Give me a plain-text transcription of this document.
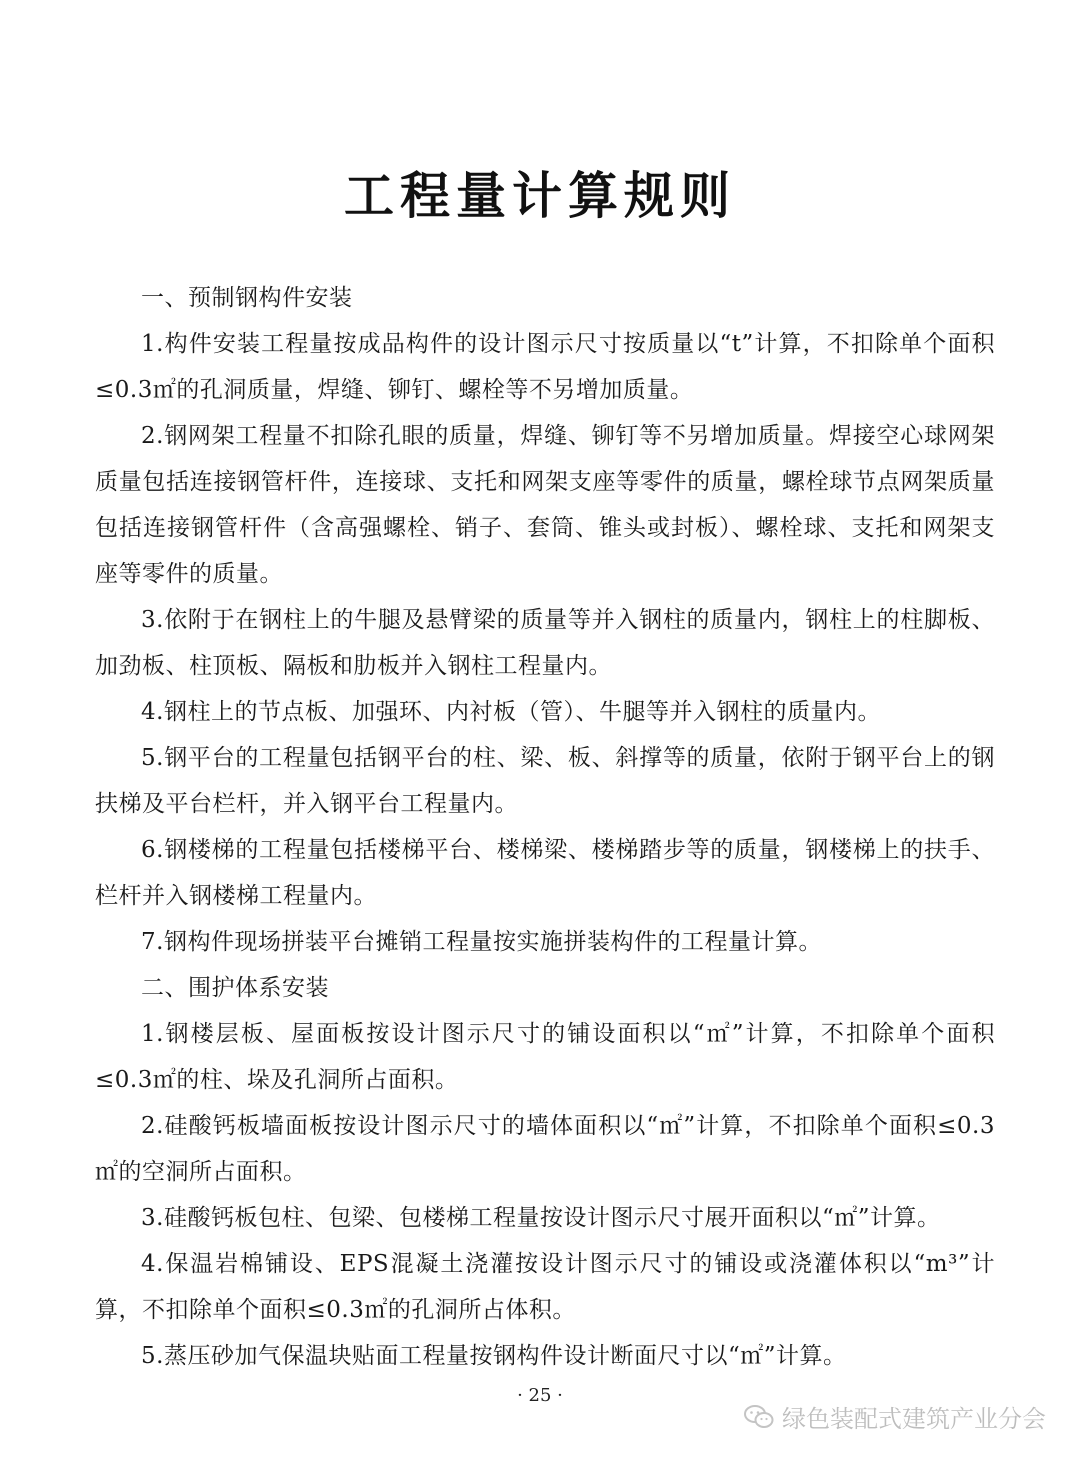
工程量计算规则

一、预制钢构件安装

1.构件安装工程量按成品构件的设计图示尺寸按质量以“t”计算，不扣除单个面积≤0.3㎡的孔洞质量，焊缝、铆钉、螺栓等不另增加质量。

2.钢网架工程量不扣除孔眼的质量，焊缝、铆钉等不另增加质量。焊接空心球网架质量包括连接钢管杆件，连接球、支托和网架支座等零件的质量，螺栓球节点网架质量包括连接钢管杆件（含高强螺栓、销子、套筒、锥头或封板）、螺栓球、支托和网架支座等零件的质量。

3.依附于在钢柱上的牛腿及悬臂梁的质量等并入钢柱的质量内，钢柱上的柱脚板、加劲板、柱顶板、隔板和肋板并入钢柱工程量内。

4.钢柱上的节点板、加强环、内衬板（管）、牛腿等并入钢柱的质量内。

5.钢平台的工程量包括钢平台的柱、梁、板、斜撑等的质量，依附于钢平台上的钢扶梯及平台栏杆，并入钢平台工程量内。

6.钢楼梯的工程量包括楼梯平台、楼梯梁、楼梯踏步等的质量，钢楼梯上的扶手、栏杆并入钢楼梯工程量内。

7.钢构件现场拼装平台摊销工程量按实施拼装构件的工程量计算。

二、围护体系安装

1.钢楼层板、屋面板按设计图示尺寸的铺设面积以“㎡”计算，不扣除单个面积≤0.3㎡的柱、垛及孔洞所占面积。

2.硅酸钙板墙面板按设计图示尺寸的墙体面积以“㎡”计算，不扣除单个面积≤0.3㎡的空洞所占面积。

3.硅酸钙板包柱、包梁、包楼梯工程量按设计图示尺寸展开面积以“㎡”计算。

4.保温岩棉铺设、EPS混凝土浇灌按设计图示尺寸的铺设或浇灌体积以“m³”计算，不扣除单个面积≤0.3㎡的孔洞所占体积。

5.蒸压砂加气保温块贴面工程量按钢构件设计断面尺寸以“㎡”计算。

· 25 ·
绿色装配式建筑产业分会
